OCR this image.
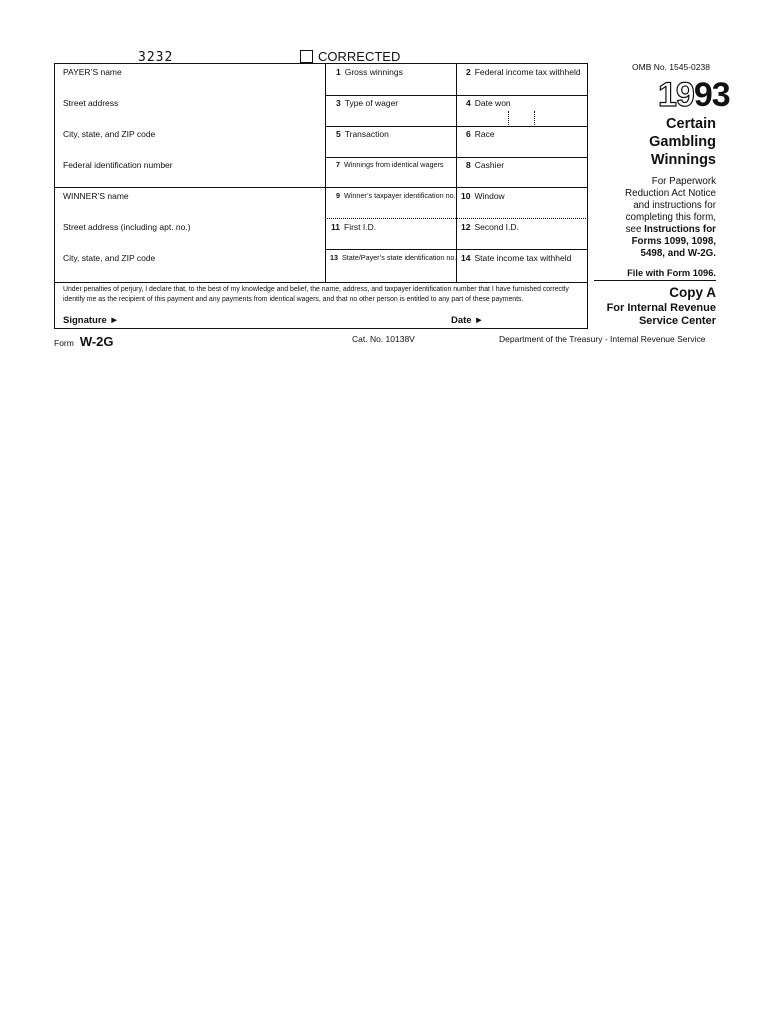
3232	CORRECTED
PAYER’S name
Street address
City, state, and ZIP code
Federal identification number
WINNER’S name
Street address (including apt. no.)
City, state, and ZIP code
1 Gross winnings	2 Federal income tax withheld
3 Type of wager	4 Date won
5 Transaction	6 Race
7 Winnings from identical wagers	8 Cashier
9 Winner’s taxpayer identification no. 10 Window
11 First I.D.	12 Second I.D.
13 State/Payer’s state identification no. 14 State income tax withheld
Under penalties of perjury, I declare that, to the best of my knowledge and belief, the name, address, and taxpayer identification number that I have furnished correctly identify me as the recipient of this payment and any payments from identical wagers, and that no other person is entitled to any part of these payments.
Signature ►	Date ►
OMB No. 1545-0238
1993
Certain
Gambling
Winnings
For Paperwork
Reduction Act Notice
and instructions for
completing this form,
see Instructions for
Forms 1099, 1098,
5498, and W-2G.
File with Form 1096.
Copy A
For Internal Revenue
Service Center
Form W-2G	Cat. No. 10138V	Department of the Treasury - Internal Revenue Service
